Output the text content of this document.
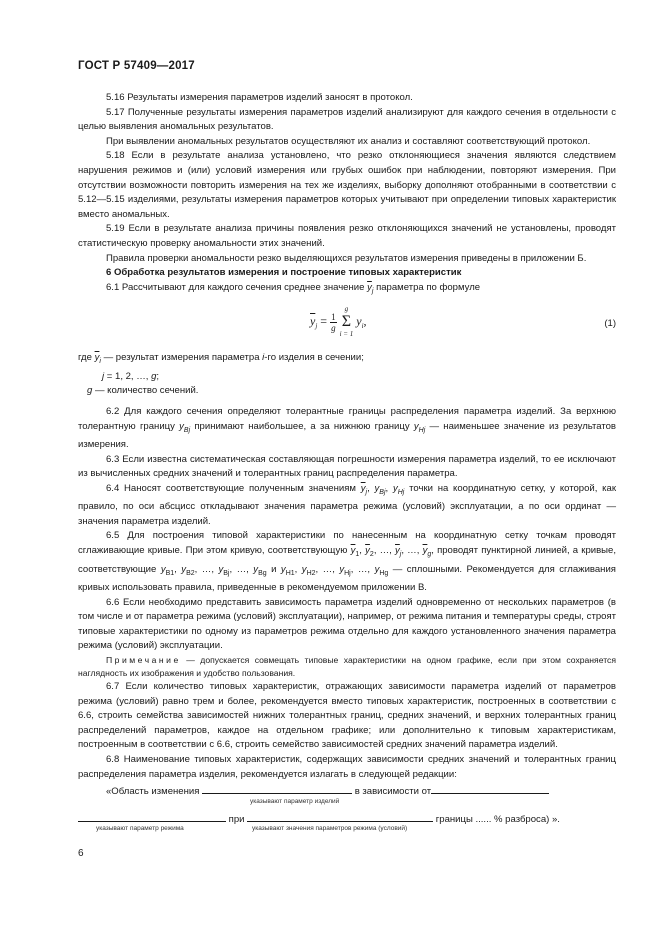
ГОСТ Р 57409—2017

5.16 Результаты измерения параметров изделий заносят в протокол.

5.17 Полученные результаты измерения параметров изделий анализируют для каждого сечения в отдельности с целью выявления аномальных результатов.

При выявлении аномальных результатов осуществляют их анализ и составляют соответствующий протокол.

5.18 Если в результате анализа установлено, что резко отклоняющиеся значения являются следствием нарушения режимов и (или) условий измерения или грубых ошибок при наблюдении, повторяют измерения. При отсутствии возможности повторить измерения на тех же изделиях, выборку дополняют отобранными в соответствии с 5.12—5.15 изделиями, результаты измерения параметров которых учитывают при определении типовых характеристик вместо аномальных.

5.19 Если в результате анализа причины появления резко отклоняющихся значений не установлены, проводят статистическую проверку аномальности этих значений.

Правила проверки аномальности резко выделяющихся результатов измерения приведены в приложении Б.

6 Обработка результатов измерения и построение типовых характеристик

6.1 Рассчитывают для каждого сечения среднее значение $\overline{y}_j$ параметра по формуле

$\overline{y}_j = \frac{1}{g}$

g
Σ
i = 1
$y_i$,	(1)

где $\overline{y}_i$ — результат измерения параметра i-го изделия в сечении;

j = 1, 2, …, g;

g — количество сечений.

6.2 Для каждого сечения определяют толерантные границы распределения параметра изделий. За верхнюю толерантную границу $y_{Bj}$ принимают наибольшее, а за нижнюю границу $y_{Hj}$ — наименьшее значение из результатов измерения.

6.3 Если известна систематическая составляющая погрешности измерения параметра изделий, то ее исключают из вычисленных средних значений и толерантных границ распределения параметра.

6.4 Наносят соответствующие полученным значениям $\overline{y}_j$, $y_{Bj}$, $y_{Hj}$ точки на координатную сетку, у которой, как правило, по оси абсцисс откладывают значения параметра режима (условий) эксплуатации, а по оси ординат — значения параметра изделий.

6.5 Для построения типовой характеристики по нанесенным на координатную сетку точкам проводят сглаживающие кривые. При этом кривую, соответствующую $\overline{y}_1$, $\overline{y}_2$, …, $\overline{y}_j$, …, $\overline{y}_g$, проводят пунктирной линией, а кривые, соответствующие $y_{B1}$, $y_{B2}$, …, $y_{Bj}$, …, $y_{Bg}$ и $y_{H1}$, $y_{H2}$, …, $y_{Hj}$, …, $y_{Hg}$ — сплошными. Рекомендуется для сглаживания кривых использовать правила, приведенные в рекомендуемом приложении В.

6.6 Если необходимо представить зависимость параметра изделий одновременно от нескольких параметров (в том числе и от параметра режима (условий) эксплуатации), например, от режима питания и температуры среды, строят типовые характеристики по одному из параметров режима отдельно для каждого установленного значения параметра режима (условий) эксплуатации.

Примечание — допускается совмещать типовые характеристики на одном графике, если при этом сохраняется наглядность их изображения и удобство пользования.

6.7 Если количество типовых характеристик, отражающих зависимости параметра изделий от параметров режима (условий) равно трем и более, рекомендуется вместо типовых характеристик, построенных в соответствии с 6.6, строить семейства зависимостей нижних толерантных границ, средних значений, и верхних толерантных границ распределений параметров, каждое на отдельном графике; или дополнительно к типовым характеристикам, построенным в соответствии с 6.6, строить семейство зависимостей средних значений параметра изделий.

6.8 Наименование типовых характеристик, содержащих зависимости средних значений и толерантных границ распределения параметра изделия, рекомендуется излагать в следующей редакции:

«Область изменения	в зависимости от

указывают параметр изделий

при	границы ...... % разброса) ».

указывают параметр режима	указывают значения параметров режима (условий)
6
